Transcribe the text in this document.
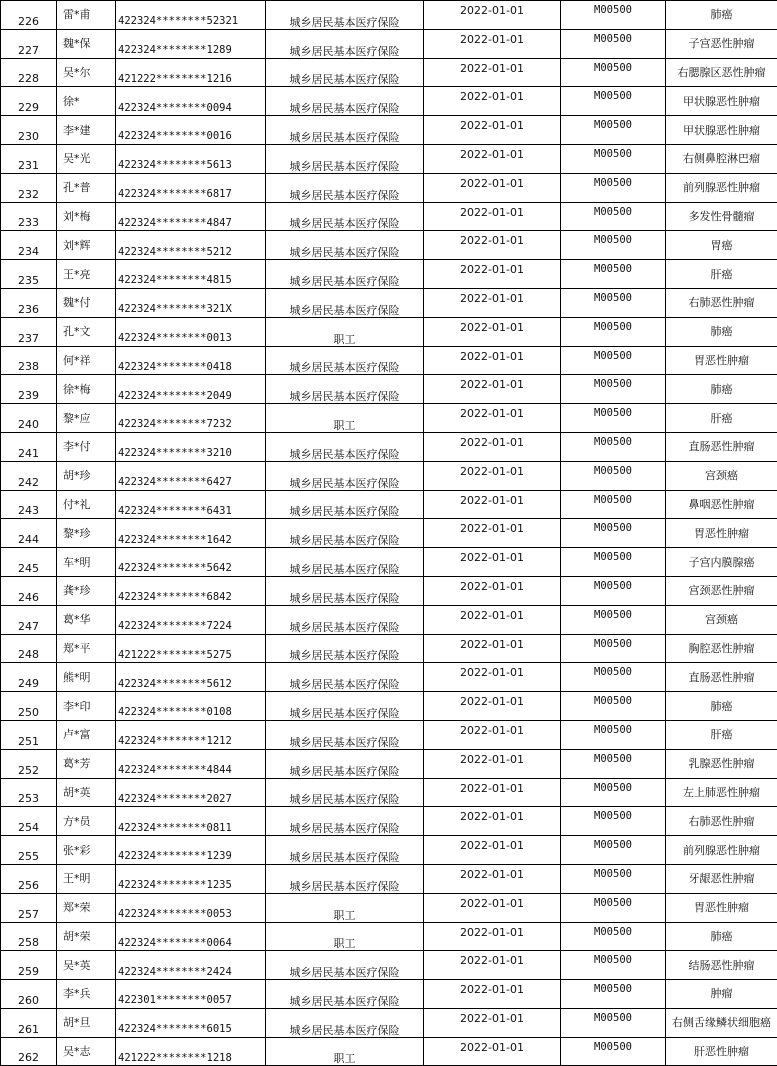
226	雷*甫	422324********52321	城乡居民基本医疗保险	2022-01-01	M00500	肺癌
227	魏*保	422324********1289	城乡居民基本医疗保险	2022-01-01	M00500	子宫恶性肿瘤
228	吴*尔	421222********1216	城乡居民基本医疗保险	2022-01-01	M00500	右腮腺区恶性肿瘤
229	徐*	422324********0094	城乡居民基本医疗保险	2022-01-01	M00500	甲状腺恶性肿瘤
230	李*建	422324********0016	城乡居民基本医疗保险	2022-01-01	M00500	甲状腺恶性肿瘤
231	吴*光	422324********5613	城乡居民基本医疗保险	2022-01-01	M00500	右侧鼻腔淋巴瘤
232	孔*普	422324********6817	城乡居民基本医疗保险	2022-01-01	M00500	前列腺恶性肿瘤
233	刘*梅	422324********4847	城乡居民基本医疗保险	2022-01-01	M00500	多发性骨髓瘤
234	刘*辉	422324********5212	城乡居民基本医疗保险	2022-01-01	M00500	胃癌
235	王*亮	422324********4815	城乡居民基本医疗保险	2022-01-01	M00500	肝癌
236	魏*付	422324********321X	城乡居民基本医疗保险	2022-01-01	M00500	右肺恶性肿瘤
237	孔*文	422324********0013	职工	2022-01-01	M00500	肺癌
238	何*祥	422324********0418	城乡居民基本医疗保险	2022-01-01	M00500	胃恶性肿瘤
239	徐*梅	422324********2049	城乡居民基本医疗保险	2022-01-01	M00500	肺癌
240	黎*应	422324********7232	职工	2022-01-01	M00500	肝癌
241	李*付	422324********3210	城乡居民基本医疗保险	2022-01-01	M00500	直肠恶性肿瘤
242	胡*珍	422324********6427	城乡居民基本医疗保险	2022-01-01	M00500	宫颈癌
243	付*礼	422324********6431	城乡居民基本医疗保险	2022-01-01	M00500	鼻咽恶性肿瘤
244	黎*珍	422324********1642	城乡居民基本医疗保险	2022-01-01	M00500	胃恶性肿瘤
245	车*明	422324********5642	城乡居民基本医疗保险	2022-01-01	M00500	子宫内膜腺癌
246	龚*珍	422324********6842	城乡居民基本医疗保险	2022-01-01	M00500	宫颈恶性肿瘤
247	葛*华	422324********7224	城乡居民基本医疗保险	2022-01-01	M00500	宫颈癌
248	郑*平	421222********5275	城乡居民基本医疗保险	2022-01-01	M00500	胸腔恶性肿瘤
249	熊*明	422324********5612	城乡居民基本医疗保险	2022-01-01	M00500	直肠恶性肿瘤
250	李*印	422324********0108	城乡居民基本医疗保险	2022-01-01	M00500	肺癌
251	卢*富	422324********1212	城乡居民基本医疗保险	2022-01-01	M00500	肝癌
252	葛*芳	422324********4844	城乡居民基本医疗保险	2022-01-01	M00500	乳腺恶性肿瘤
253	胡*英	422324********2027	城乡居民基本医疗保险	2022-01-01	M00500	左上肺恶性肿瘤
254	方*员	422324********0811	城乡居民基本医疗保险	2022-01-01	M00500	右肺恶性肿瘤
255	张*彩	422324********1239	城乡居民基本医疗保险	2022-01-01	M00500	前列腺恶性肿瘤
256	王*明	422324********1235	城乡居民基本医疗保险	2022-01-01	M00500	牙龈恶性肿瘤
257	郑*荣	422324********0053	职工	2022-01-01	M00500	胃恶性肿瘤
258	胡*荣	422324********0064	职工	2022-01-01	M00500	肺癌
259	吴*英	422324********2424	城乡居民基本医疗保险	2022-01-01	M00500	结肠恶性肿瘤
260	李*兵	422301********0057	城乡居民基本医疗保险	2022-01-01	M00500	肿瘤
261	胡*旦	422324********6015	城乡居民基本医疗保险	2022-01-01	M00500	右侧舌缘鳞状细胞癌
262	吴*志	421222********1218	职工	2022-01-01	M00500	肝恶性肿瘤
